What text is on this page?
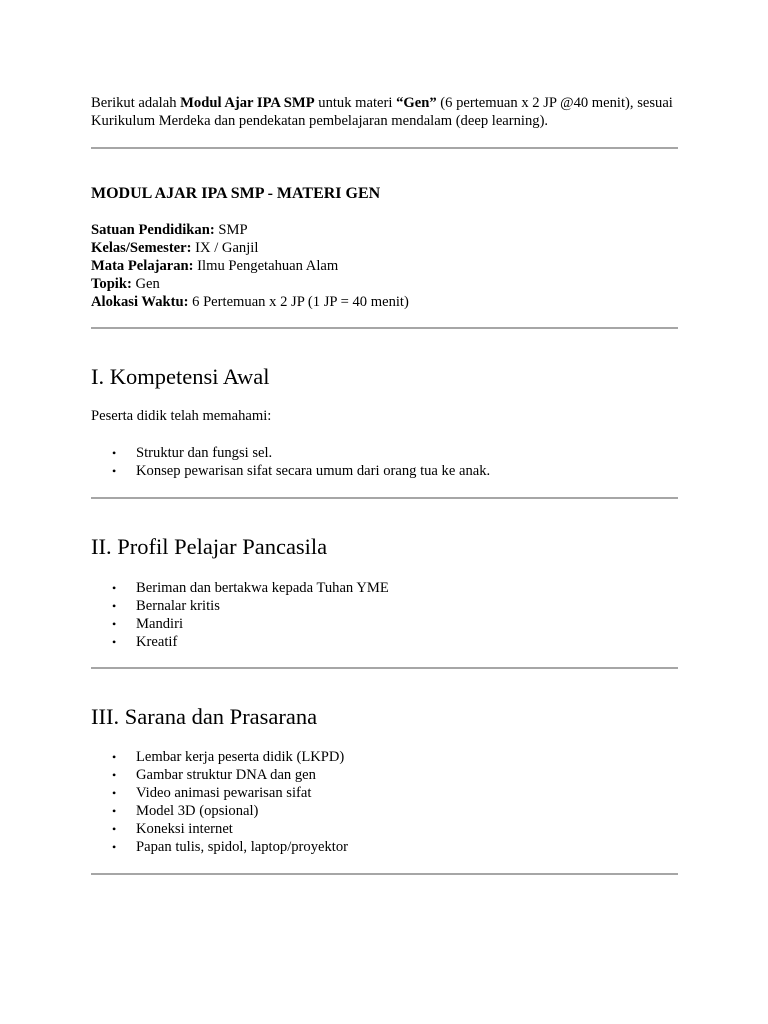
Berikut adalah Modul Ajar IPA SMP untuk materi “Gen” (6 pertemuan x 2 JP @40 menit), sesuai Kurikulum Merdeka dan pendekatan pembelajaran mendalam (deep learning).

MODUL AJAR IPA SMP - MATERI GEN
Satuan Pendidikan: SMP
Kelas/Semester: IX / Ganjil
Mata Pelajaran: Ilmu Pengetahuan Alam
Topik: Gen
Alokasi Waktu: 6 Pertemuan x 2 JP (1 JP = 40 menit)
I. Kompetensi Awal

Peserta didik telah memahami:

• Struktur dan fungsi sel.
• Konsep pewarisan sifat secara umum dari orang tua ke anak.
II. Profil Pelajar Pancasila
• Beriman dan bertakwa kepada Tuhan YME
• Bernalar kritis
• Mandiri
• Kreatif
III. Sarana dan Prasarana
• Lembar kerja peserta didik (LKPD)
• Gambar struktur DNA dan gen
• Video animasi pewarisan sifat
• Model 3D (opsional)
• Koneksi internet
• Papan tulis, spidol, laptop/proyektor
